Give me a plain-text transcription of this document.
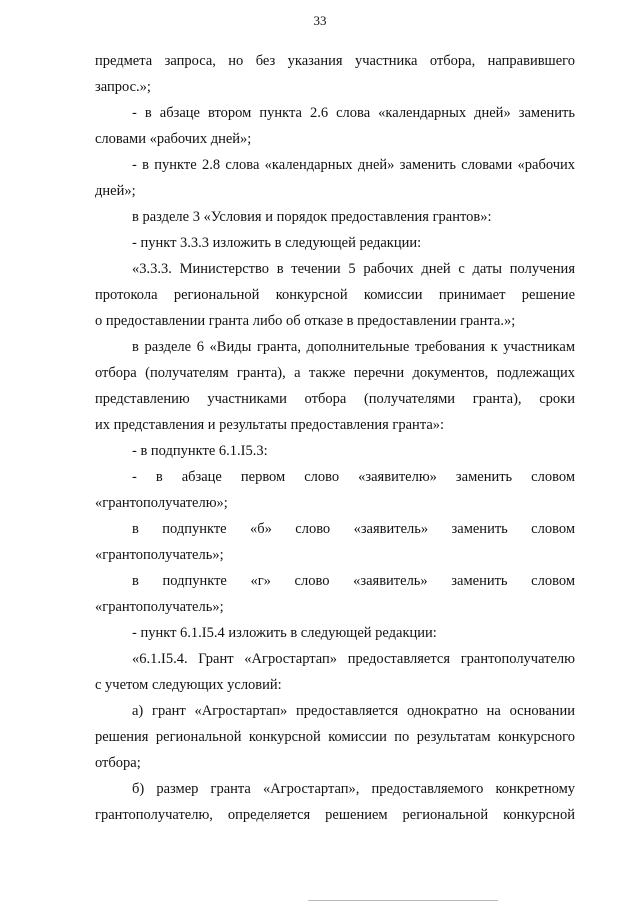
33
предмета запроса, но без указания участника отбора, направившего
запрос.»;
- в абзаце втором пункта 2.6 слова «календарных дней» заменить
словами «рабочих дней»;
- в пункте 2.8 слова «календарных дней» заменить словами «рабочих
дней»;
в разделе 3 «Условия и порядок предоставления грантов»:
- пункт 3.3.3 изложить в следующей редакции:
«3.3.3. Министерство в течении 5 рабочих дней с даты получения
протокола региональной конкурсной комиссии принимает решение
о предоставлении гранта либо об отказе в предоставлении гранта.»;
в разделе 6 «Виды гранта, дополнительные требования к участникам
отбора (получателям гранта), а также перечни документов, подлежащих
представлению участниками отбора (получателями гранта), сроки
их представления и результаты предоставления гранта»:
- в подпункте 6.1.I5.3:
- в абзаце первом слово «заявителю» заменить словом
«грантополучателю»;
в подпункте «б» слово «заявитель» заменить словом
«грантополучатель»;
в подпункте «г» слово «заявитель» заменить словом
«грантополучатель»;
- пункт 6.1.I5.4 изложить в следующей редакции:
«6.1.I5.4. Грант «Агростартап» предоставляется грантополучателю
с учетом следующих условий:
а) грант «Агростартап» предоставляется однократно на основании
решения региональной конкурсной комиссии по результатам конкурсного
отбора;
б) размер гранта «Агростартап», предоставляемого конкретному
грантополучателю, определяется решением региональной конкурсной
